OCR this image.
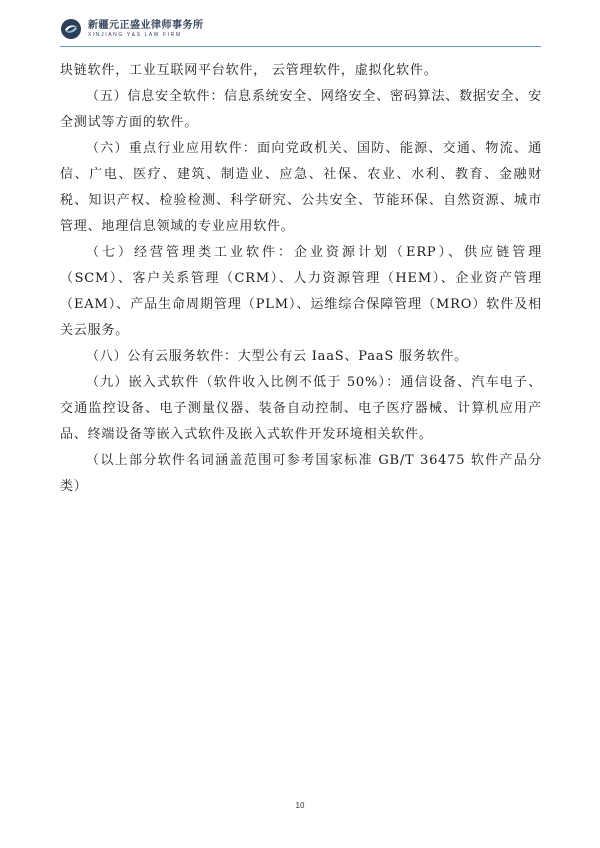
新疆元正盛业律师事务所
XINJIANG Y&S LAW FIRM

块链软件，工业互联网平台软件， 云管理软件，虚拟化软件。

（五）信息安全软件：信息系统安全、网络安全、密码算法、数据安全、安全测试等方面的软件。

（六）重点行业应用软件：面向党政机关、国防、能源、交通、物流、通信、广电、医疗、建筑、制造业、应急、社保、农业、水利、教育、金融财税、知识产权、检验检测、科学研究、公共安全、节能环保、自然资源、城市管理、地理信息领域的专业应用软件。

（七）经营管理类工业软件：企业资源计划（ERP）、供应链管理（SCM）、客户关系管理（CRM）、人力资源管理（HEM）、企业资产管理（EAM）、产品生命周期管理（PLM）、运维综合保障管理（MRO）软件及相关云服务。

（八）公有云服务软件：大型公有云 IaaS、PaaS 服务软件。

（九）嵌入式软件（软件收入比例不低于 50%）：通信设备、汽车电子、交通监控设备、电子测量仪器、装备自动控制、电子医疗器械、计算机应用产品、终端设备等嵌入式软件及嵌入式软件开发环境相关软件。

（以上部分软件名词涵盖范围可参考国家标准 GB/T 36475 软件产品分类）

10
